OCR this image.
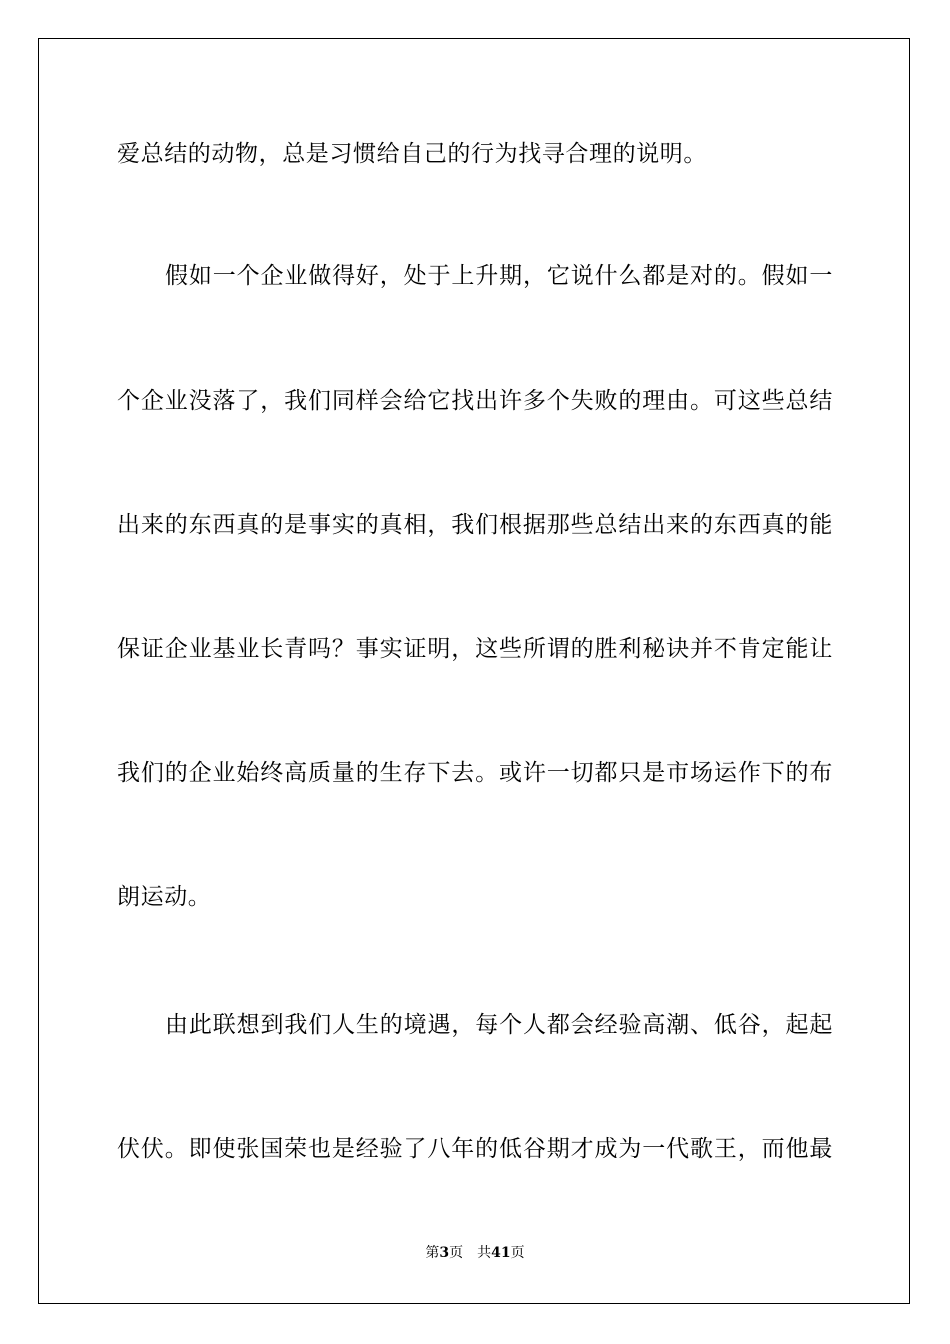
爱总结的动物，总是习惯给自己的行为找寻合理的说明。
假如一个企业做得好，处于上升期，它说什么都是对的。假如一
个企业没落了，我们同样会给它找出许多个失败的理由。可这些总结
出来的东西真的是事实的真相，我们根据那些总结出来的东西真的能
保证企业基业长青吗？事实证明，这些所谓的胜利秘诀并不肯定能让
我们的企业始终高质量的生存下去。或许一切都只是市场运作下的布
朗运动。
由此联想到我们人生的境遇，每个人都会经验高潮、低谷，起起
伏伏。即使张国荣也是经验了八年的低谷期才成为一代歌王，而他最
第3页 共41页
